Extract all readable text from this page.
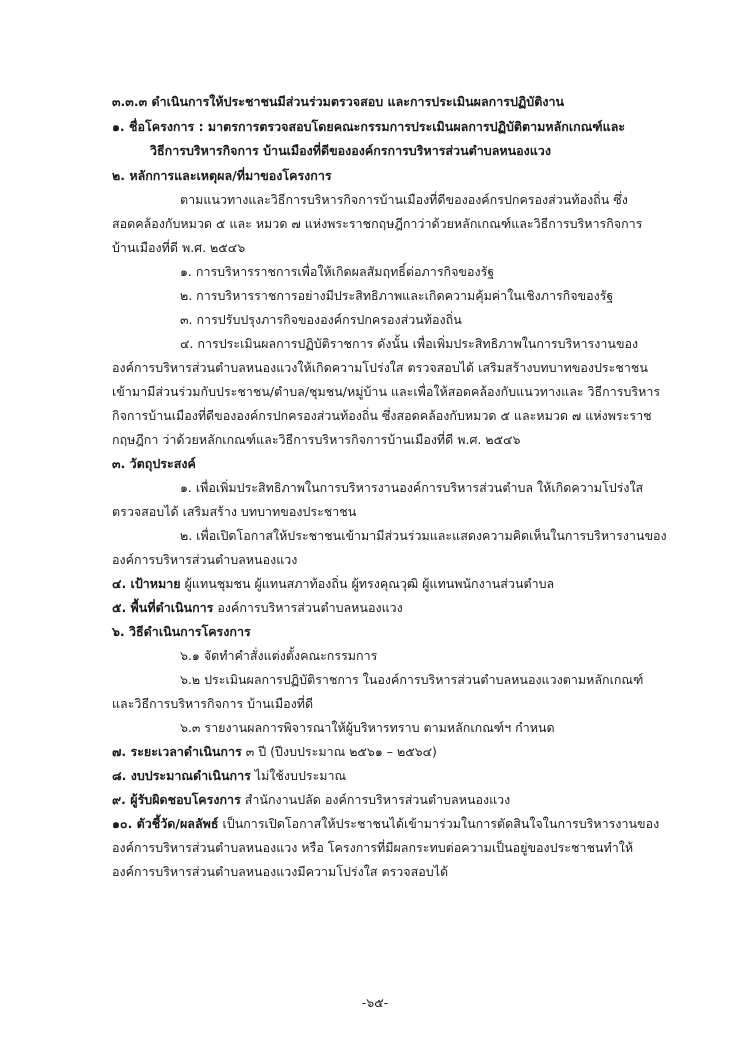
๓.๓.๓ ดำเนินการให้ประชาชนมีส่วนร่วมตรวจสอบ และการประเมินผลการปฏิบัติงาน
๑. ชื่อโครงการ : มาตรการตรวจสอบโดยคณะกรรมการประเมินผลการปฏิบัติตามหลักเกณฑ์และ
วิธีการบริหารกิจการ บ้านเมืองที่ดีขององค์กรการบริหารส่วนตำบลหนองแวง
๒. หลักการและเหตุผล/ที่มาของโครงการ
ตามแนวทางและวิธีการบริหารกิจการบ้านเมืองที่ดีขององค์กรปกครองส่วนท้องถิ่น ซึ่ง
สอดคล้องกับหมวด ๕ และ หมวด ๗ แห่งพระราชกฤษฎีกาว่าด้วยหลักเกณฑ์และวิธีการบริหารกิจการ
บ้านเมืองที่ดี พ.ศ. ๒๕๔๖
๑. การบริหารราชการเพื่อให้เกิดผลสัมฤทธิ์ต่อภารกิจของรัฐ
๒. การบริหารราชการอย่างมีประสิทธิภาพและเกิดความคุ้มค่าในเชิงภารกิจของรัฐ
๓. การปรับปรุงภารกิจขององค์กรปกครองส่วนท้องถิ่น
๔. การประเมินผลการปฏิบัติราชการ ดังนั้น เพื่อเพิ่มประสิทธิภาพในการบริหารงานของ
องค์การบริหารส่วนตำบลหนองแวงให้เกิดความโปร่งใส ตรวจสอบได้ เสริมสร้างบทบาทของประชาชน
เข้ามามีส่วนร่วมกับประชาชน/ตำบล/ชุมชน/หมู่บ้าน และเพื่อให้สอดคล้องกับแนวทางและ วิธีการบริหาร
กิจการบ้านเมืองที่ดีขององค์กรปกครองส่วนท้องถิ่น ซึ่งสอดคล้องกับหมวด ๕ และหมวด ๗ แห่งพระราช
กฤษฎีกา ว่าด้วยหลักเกณฑ์และวิธีการบริหารกิจการบ้านเมืองที่ดี พ.ศ. ๒๕๔๖
๓. วัตถุประสงค์
๑. เพื่อเพิ่มประสิทธิภาพในการบริหารงานองค์การบริหารส่วนตำบล ให้เกิดความโปร่งใส
ตรวจสอบได้ เสริมสร้าง บทบาทของประชาชน
๒. เพื่อเปิดโอกาสให้ประชาชนเข้ามามีส่วนร่วมและแสดงความคิดเห็นในการบริหารงานของ
องค์การบริหารส่วนตำบลหนองแวง
๔. เป้าหมาย ผู้แทนชุมชน ผู้แทนสภาท้องถิ่น ผู้ทรงคุณวุฒิ ผู้แทนพนักงานส่วนตำบล
๕. พื้นที่ดำเนินการ องค์การบริหารส่วนตำบลหนองแวง
๖. วิธีดำเนินการโครงการ
๖.๑ จัดทำคำสั่งแต่งตั้งคณะกรรมการ
๖.๒ ประเมินผลการปฏิบัติราชการ ในองค์การบริหารส่วนตำบลหนองแวงตามหลักเกณฑ์
และวิธีการบริหารกิจการ บ้านเมืองที่ดี
๖.๓ รายงานผลการพิจารณาให้ผู้บริหารทราบ ตามหลักเกณฑ์ฯ กำหนด
๗. ระยะเวลาดำเนินการ ๓ ปี (ปีงบประมาณ ๒๕๖๑ – ๒๕๖๔)
๘. งบประมาณดำเนินการ ไม่ใช้งบประมาณ
๙. ผู้รับผิดชอบโครงการ สำนักงานปลัด องค์การบริหารส่วนตำบลหนองแวง
๑๐. ตัวชี้วัด/ผลลัพธ์ เป็นการเปิดโอกาสให้ประชาชนได้เข้ามาร่วมในการตัดสินใจในการบริหารงานของ
องค์การบริหารส่วนตำบลหนองแวง หรือ โครงการที่มีผลกระทบต่อความเป็นอยู่ของประชาชนทำให้
องค์การบริหารส่วนตำบลหนองแวงมีความโปร่งใส ตรวจสอบได้
-๖๕-
